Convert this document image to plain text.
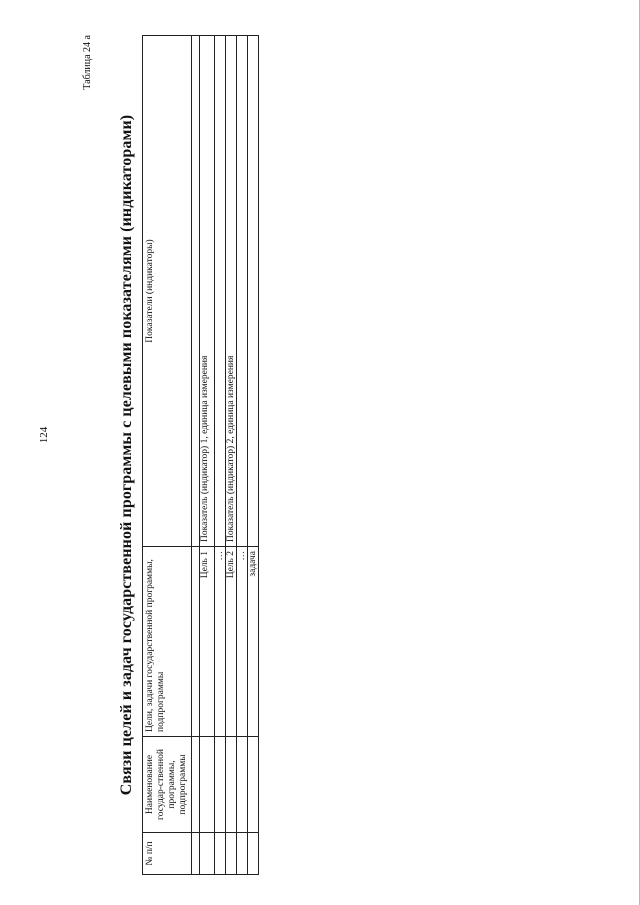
124
Таблица 24 а
Связи целей и задач государственной программы с целевыми показателями (индикаторами)
№ п/п	Наименование государ-ственной программы, подпрограммы	Цели, задачи государственной программы, подпрограммы	Показатели (индикаторы)

		Цель 1	Показатель (индикатор) 1, единица измерения
		…	
		Цель 2	Показатель (индикатор) 2, единица измерения
		…	
		задача	
